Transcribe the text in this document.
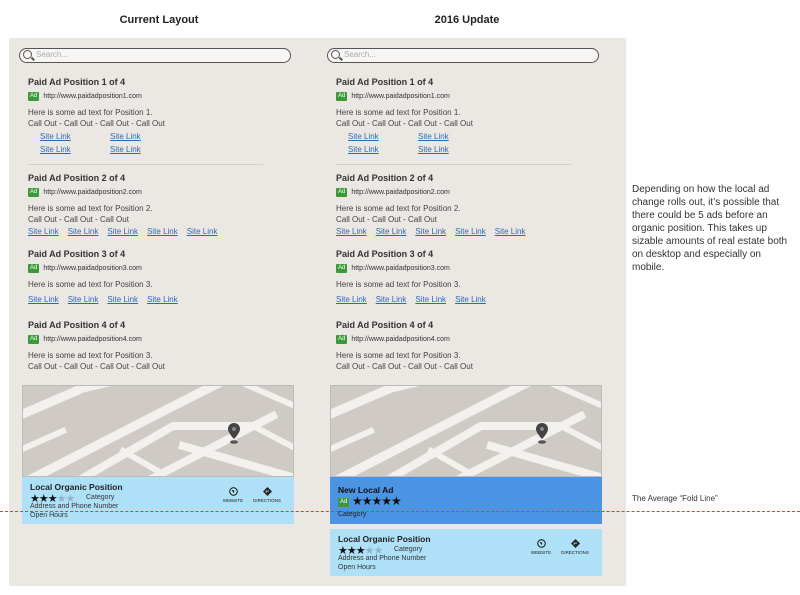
Current Layout	2016 Update
Search...
Paid Ad Position 1 of 4
Ad http://www.paidadposition1.com
Here is some ad text for Position 1.
Call Out - Call Out - Call Out - Call Out
Site Link	Site Link
Site Link	Site Link
Paid Ad Position 2 of 4
Ad http://www.paidadposition2.com
Here is some ad text for Position 2.
Call Out - Call Out - Call Out
Site Link Site Link Site Link Site Link Site Link
Paid Ad Position 3 of 4
Ad http://www.paidadposition3.com
Here is some ad text for Position 3.
Site Link Site Link Site Link Site Link
Paid Ad Position 4 of 4
Ad http://www.paidadposition4.com
Here is some ad text for Position 3.
Call Out - Call Out - Call Out - Call Out
Local Organic Position
★★★★★ Category
Address and Phone Number
Open Hours
WEBSITE	DIRECTIONS
Search...
Paid Ad Position 1 of 4
Ad http://www.paidadposition1.com
Here is some ad text for Position 1.
Call Out - Call Out - Call Out - Call Out
Site Link	Site Link
Site Link	Site Link
Paid Ad Position 2 of 4
Ad http://www.paidadposition2.com
Here is some ad text for Position 2.
Call Out - Call Out - Call Out
Site Link Site Link Site Link Site Link Site Link
Paid Ad Position 3 of 4
Ad http://www.paidadposition3.com
Here is some ad text for Position 3.
Site Link Site Link Site Link Site Link
Paid Ad Position 4 of 4
Ad http://www.paidadposition4.com
Here is some ad text for Position 3.
Call Out - Call Out - Call Out - Call Out
New Local Ad
Ad ★★★★★
Category
Local Organic Position
★★★★★ Category
Address and Phone Number
Open Hours
WEBSITE	DIRECTIONS
Depending on how the local ad change rolls out, it’s possible that there could be 5 ads before an organic position. This takes up sizable amounts of real estate both on desktop and especially on mobile.
The Average “Fold Line”
